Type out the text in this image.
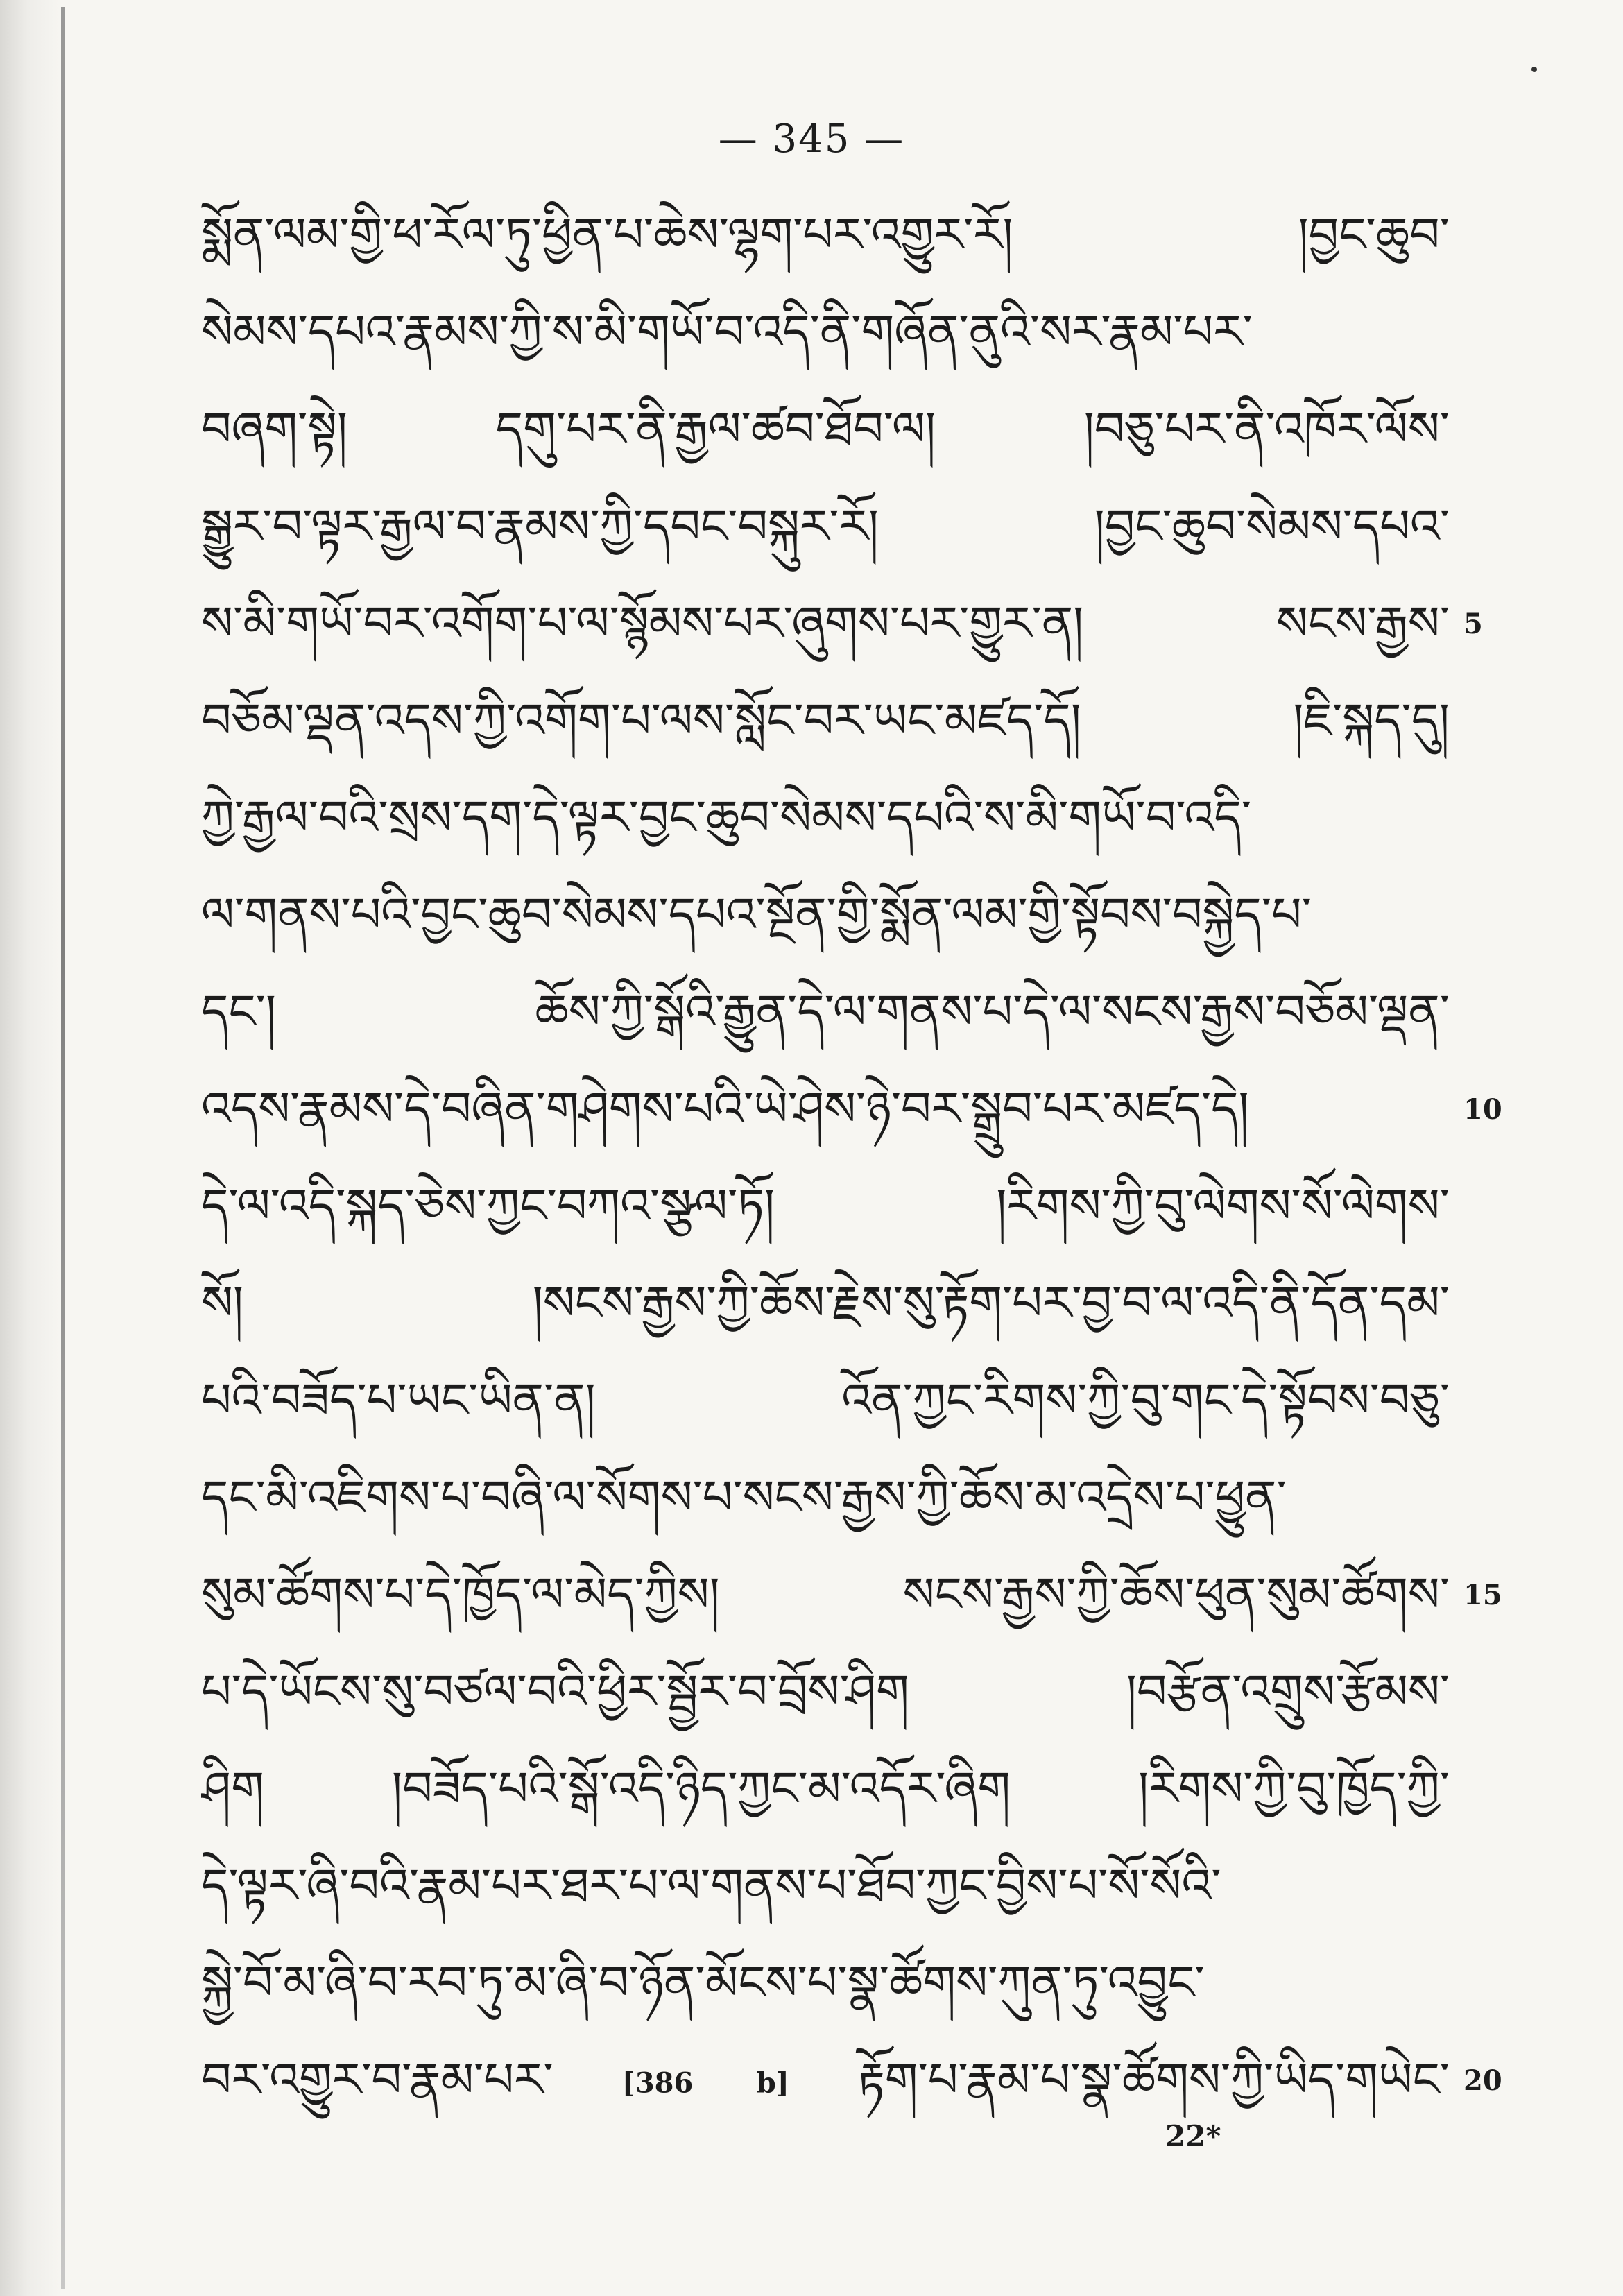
— 345 —
སྨོན་ལམ་གྱི་ཕ་རོལ་ཏུ་ཕྱིན་པ་ཆེས་ལྷག་པར་འགྱུར་རོ། །བྱང་ཆུབ་
སེམས་དཔའ་རྣམས་ཀྱི་ས་མི་གཡོ་བ་འདི་ནི་གཞོན་ནུའི་སར་རྣམ་པར་
བཞག་སྟེ། དགུ་པར་ནི་རྒྱལ་ཚབ་ཐོབ་ལ། །བཅུ་པར་ནི་འཁོར་ལོས་
སྒྱུར་བ་ལྟར་རྒྱལ་བ་རྣམས་ཀྱི་དབང་བསྐུར་རོ། །བྱང་ཆུབ་སེམས་དཔའ་
ས་མི་གཡོ་བར་འགོག་པ་ལ་སྙོམས་པར་ཞུགས་པར་གྱུར་ན། སངས་རྒྱས་
བཅོམ་ལྡན་འདས་ཀྱི་འགོག་པ་ལས་སློང་བར་ཡང་མཛད་དོ། །ཇི་སྐད་དུ།
ཀྱེ་རྒྱལ་བའི་སྲས་དག་དེ་ལྟར་བྱང་ཆུབ་སེམས་དཔའི་ས་མི་གཡོ་བ་འདི་
ལ་གནས་པའི་བྱང་ཆུབ་སེམས་དཔའ་སྔོན་གྱི་སྨོན་ལམ་གྱི་སྟོབས་བསྐྱེད་པ་
དང་། ཆོས་ཀྱི་སྒོའི་རྒྱུན་དེ་ལ་གནས་པ་དེ་ལ་སངས་རྒྱས་བཅོམ་ལྡན་
འདས་རྣམས་དེ་བཞིན་གཤེགས་པའི་ཡེ་ཤེས་ཉེ་བར་སྒྲུབ་པར་མཛད་དེ།
དེ་ལ་འདི་སྐད་ཅེས་ཀྱང་བཀའ་སྩལ་ཏོ། །རིགས་ཀྱི་བུ་ལེགས་སོ་ལེགས་
སོ། །སངས་རྒྱས་ཀྱི་ཆོས་རྗེས་སུ་རྟོག་པར་བྱ་བ་ལ་འདི་ནི་དོན་དམ་
པའི་བཟོད་པ་ཡང་ཡིན་ན། འོན་ཀྱང་རིགས་ཀྱི་བུ་གང་དེ་སྟོབས་བཅུ་
དང་མི་འཇིགས་པ་བཞི་ལ་སོགས་པ་སངས་རྒྱས་ཀྱི་ཆོས་མ་འདྲེས་པ་ཕྱུན་
སུམ་ཚོགས་པ་དེ་ཁྱོད་ལ་མེད་ཀྱིས། སངས་རྒྱས་ཀྱི་ཆོས་ཕུན་སུམ་ཚོགས་
པ་དེ་ཡོངས་སུ་བཙལ་བའི་ཕྱིར་སྦྱོར་བ་བྲོས་ཤིག །བརྩོན་འགྲུས་རྩོམས་
ཤིག །བཟོད་པའི་སྒོ་འདི་ཉིད་ཀྱང་མ་འདོར་ཞིག །རིགས་ཀྱི་བུ་ཁྱོད་ཀྱི་
དེ་ལྟར་ཞི་བའི་རྣམ་པར་ཐར་པ་ལ་གནས་པ་ཐོབ་ཀྱང་བྱིས་པ་སོ་སོའི་
སྐྱེ་བོ་མ་ཞི་བ་རབ་ཏུ་མ་ཞི་བ་ཉོན་མོངས་པ་སྣ་ཚོགས་ཀུན་ཏུ་འབྱུང་
བར་འགྱུར་བ་རྣམ་པར་ [386 b] རྟོག་པ་རྣམ་པ་སྣ་ཚོགས་ཀྱི་ཡིད་གཡེང་
5
10
15
20
22*
